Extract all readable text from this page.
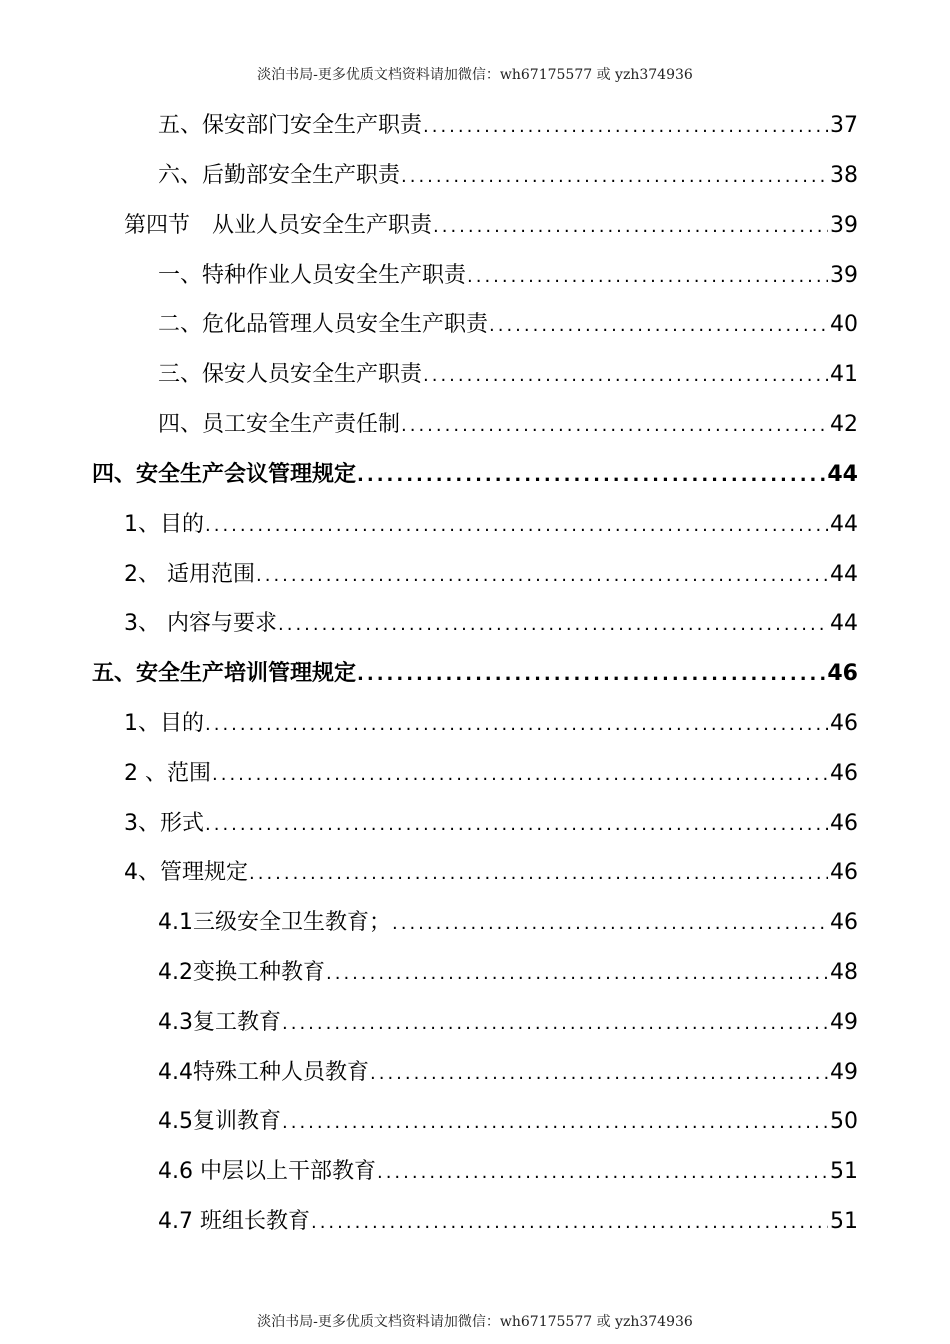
淡泊书局-更多优质文档资料请加微信：wh67175577 或 yzh374936
五、保安部门安全生产职责 .....	37
六、后勤部安全生产职责 .....	38
第四节　从业人员安全生产职责 .....	39
一、特种作业人员安全生产职责 .....	39
二、危化品管理人员安全生产职责 .....	40
三、保安人员安全生产职责 .....	41
四、员工安全生产责任制 .....	42
四、安全生产会议管理规定 .....	44
1、目的 .....	44
2、 适用范围 .....	44
3、 内容与要求 .....	44
五、安全生产培训管理规定 .....	46
1、目的 .....	46
2 、范围 .....	46
3、形式 .....	46
4、管理规定 .....	46
4.1三级安全卫生教育； .....	46
4.2变换工种教育 .....	48
4.3复工教育 .....	49
4.4特殊工种人员教育 .....	49
4.5复训教育 .....	50
4.6 中层以上干部教育 .....	51
4.7 班组长教育 .....	51
淡泊书局-更多优质文档资料请加微信：wh67175577 或 yzh374936
